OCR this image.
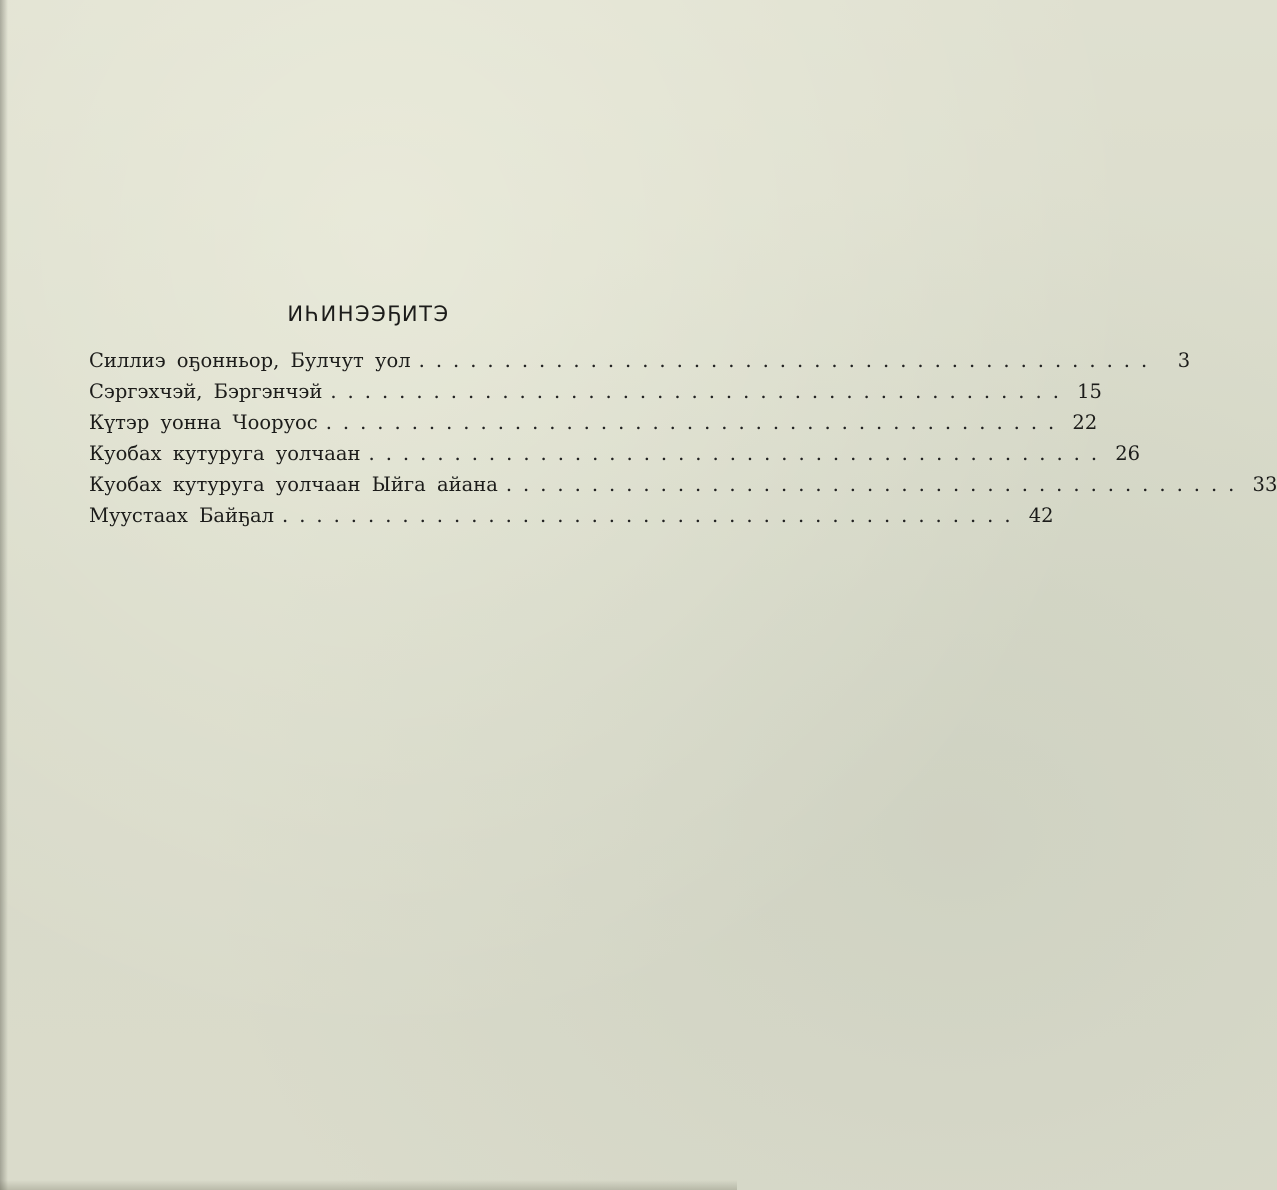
ИҺИНЭЭҔИТЭ
Силлиэ оҕонньор, Булчут уол ...........................................	3
Сэргэхчэй, Бэргэнчэй ........................................... 15
Күтэр уонна Чооруос ........................................... 22
Куобах кутуруга уолчаан ........................................... 26
Куобах кутуруга уолчаан Ыйга айана ........................................... 33
Муустаах Байҕал ........................................... 42
